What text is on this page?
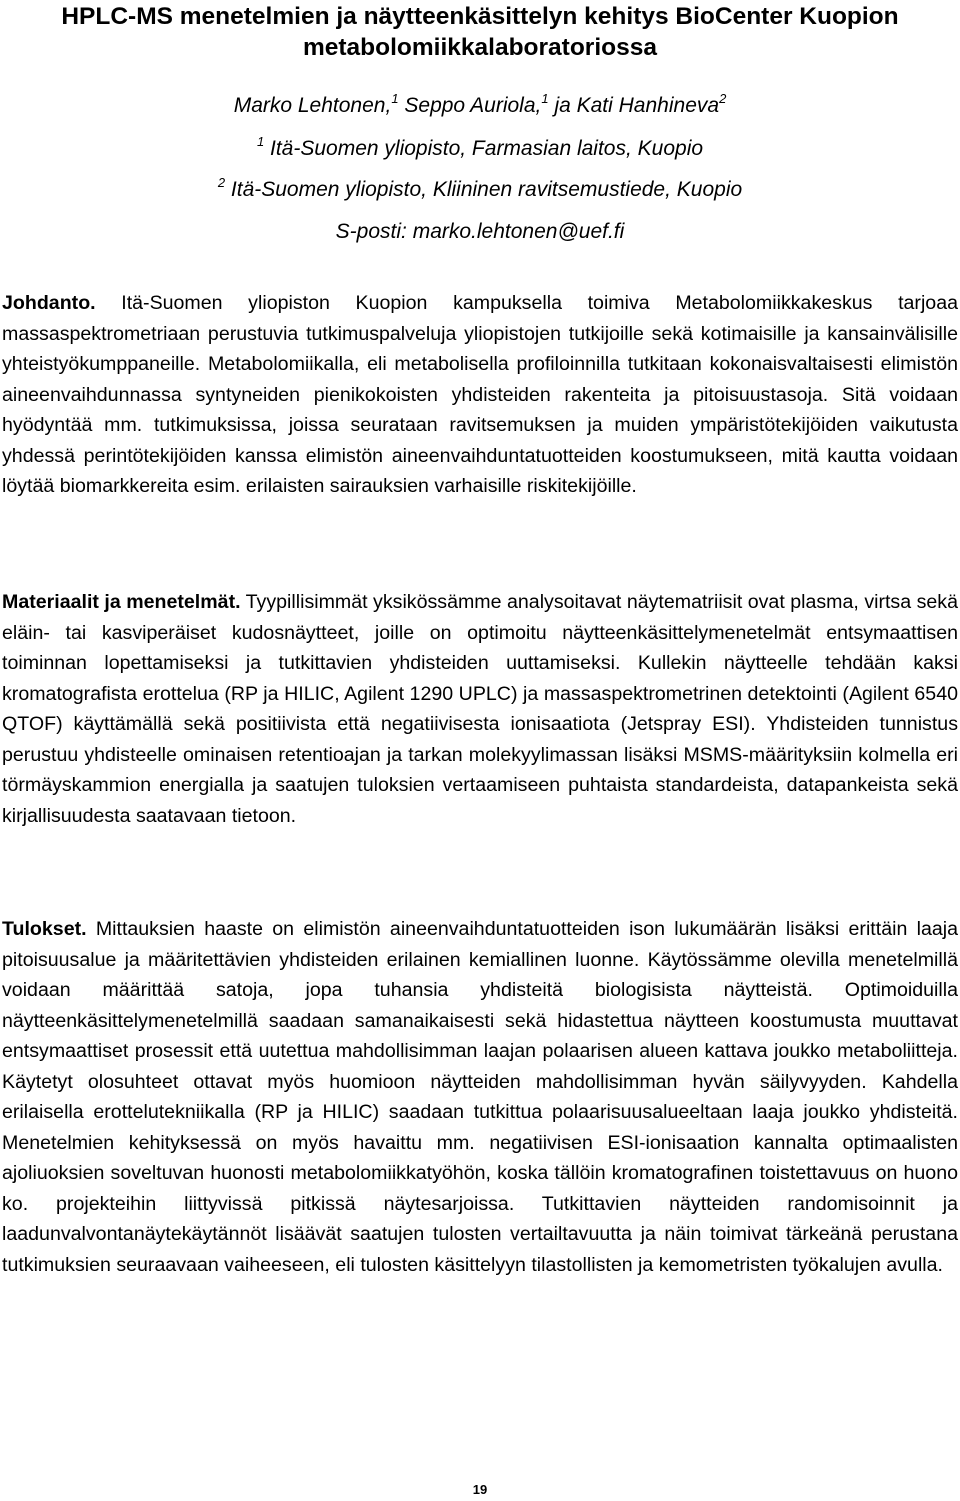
HPLC-MS menetelmien ja näytteenkäsittelyn kehitys BioCenter Kuopion
metabolomiikkalaboratoriossa
Marko Lehtonen,$^1$ Seppo Auriola,$^1$ ja Kati Hanhineva$^2$
$^1$ Itä-Suomen yliopisto, Farmasian laitos, Kuopio
$^2$ Itä-Suomen yliopisto, Kliininen ravitsemustiede, Kuopio
S-posti: marko.lehtonen@uef.fi

Johdanto. Itä-Suomen yliopiston Kuopion kampuksella toimiva Metabolomiikkakeskus tarjoaa massaspektrometriaan perustuvia tutkimuspalveluja yliopistojen tutkijoille sekä kotimaisille ja kansainvälisille yhteistyökumppaneille. Metabolomiikalla, eli metabolisella profiloinnilla tutkitaan kokonaisvaltaisesti elimistön aineenvaihdunnassa syntyneiden pienikokoisten yhdisteiden rakenteita ja pitoisuustasoja. Sitä voidaan hyödyntää mm. tutkimuksissa, joissa seurataan ravitsemuksen ja muiden ympäristötekijöiden vaikutusta yhdessä perintötekijöiden kanssa elimistön aineenvaihduntatuotteiden koostumukseen, mitä kautta voidaan löytää biomarkkereita esim. erilaisten sairauksien varhaisille riskitekijöille.

Materiaalit ja menetelmät. Tyypillisimmät yksikössämme analysoitavat näytematriisit ovat plasma, virtsa sekä eläin- tai kasviperäiset kudosnäytteet, joille on optimoitu näytteenkäsittelymenetelmät entsymaattisen toiminnan lopettamiseksi ja tutkittavien yhdisteiden uuttamiseksi. Kullekin näytteelle tehdään kaksi kromatografista erottelua (RP ja HILIC, Agilent 1290 UPLC) ja massaspektrometrinen detektointi (Agilent 6540 QTOF) käyttämällä sekä positiivista että negatiivisesta ionisaatiota (Jetspray ESI). Yhdisteiden tunnistus perustuu yhdisteelle ominaisen retentioajan ja tarkan molekyylimassan lisäksi MSMS-määrityksiin kolmella eri törmäyskammion energialla ja saatujen tuloksien vertaamiseen puhtaista standardeista, datapankeista sekä kirjallisuudesta saatavaan tietoon.

Tulokset. Mittauksien haaste on elimistön aineenvaihduntatuotteiden ison lukumäärän lisäksi erittäin laaja pitoisuusalue ja määritettävien yhdisteiden erilainen kemiallinen luonne. Käytössämme olevilla menetelmillä voidaan määrittää satoja, jopa tuhansia yhdisteitä biologisista näytteistä. Optimoiduilla näytteenkäsittelymenetelmillä saadaan samanaikaisesti sekä hidastettua näytteen koostumusta muuttavat entsymaattiset prosessit että uutettua mahdollisimman laajan polaarisen alueen kattava joukko metaboliitteja. Käytetyt olosuhteet ottavat myös huomioon näytteiden mahdollisimman hyvän säilyvyyden. Kahdella erilaisella erottelutekniikalla (RP ja HILIC) saadaan tutkittua polaarisuusalueeltaan laaja joukko yhdisteitä. Menetelmien kehityksessä on myös havaittu mm. negatiivisen ESI-ionisaation kannalta optimaalisten ajoliuoksien soveltuvan huonosti metabolomiikkatyöhön, koska tällöin kromatografinen toistettavuus on huono ko. projekteihin liittyvissä pitkissä näytesarjoissa. Tutkittavien näytteiden randomisoinnit ja laadunvalvontanäytekäytännöt lisäävät saatujen tulosten vertailtavuutta ja näin toimivat tärkeänä perustana tutkimuksien seuraavaan vaiheeseen, eli tulosten käsittelyyn tilastollisten ja kemometristen työkalujen avulla.

19
